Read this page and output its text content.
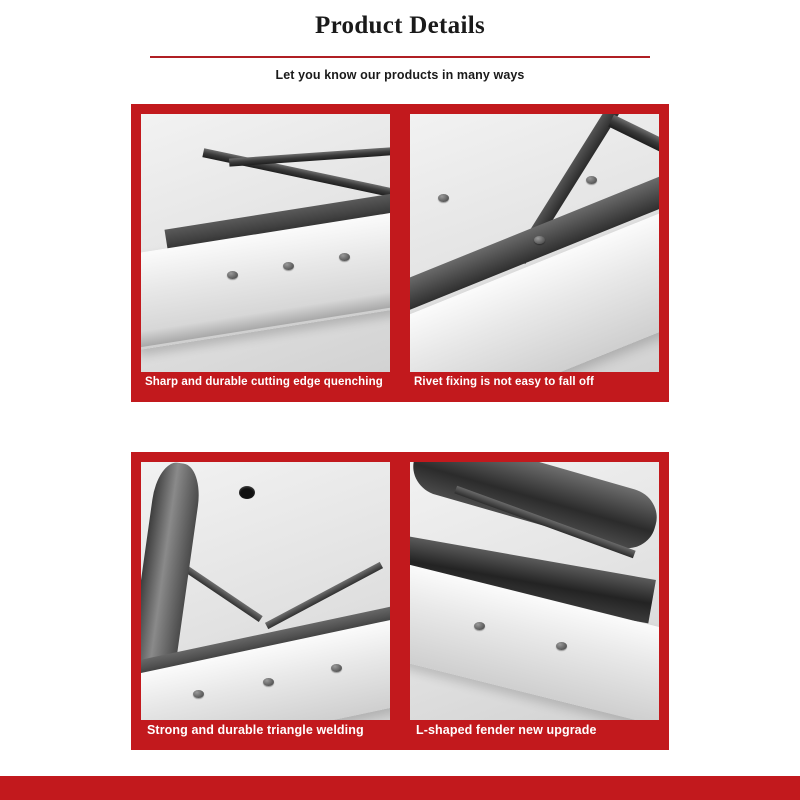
Product Details
Let you know our products in many ways
Sharp and durable cutting edge quenching	Rivet fixing is not easy to fall off
Strong and durable triangle welding	L-shaped fender new upgrade
